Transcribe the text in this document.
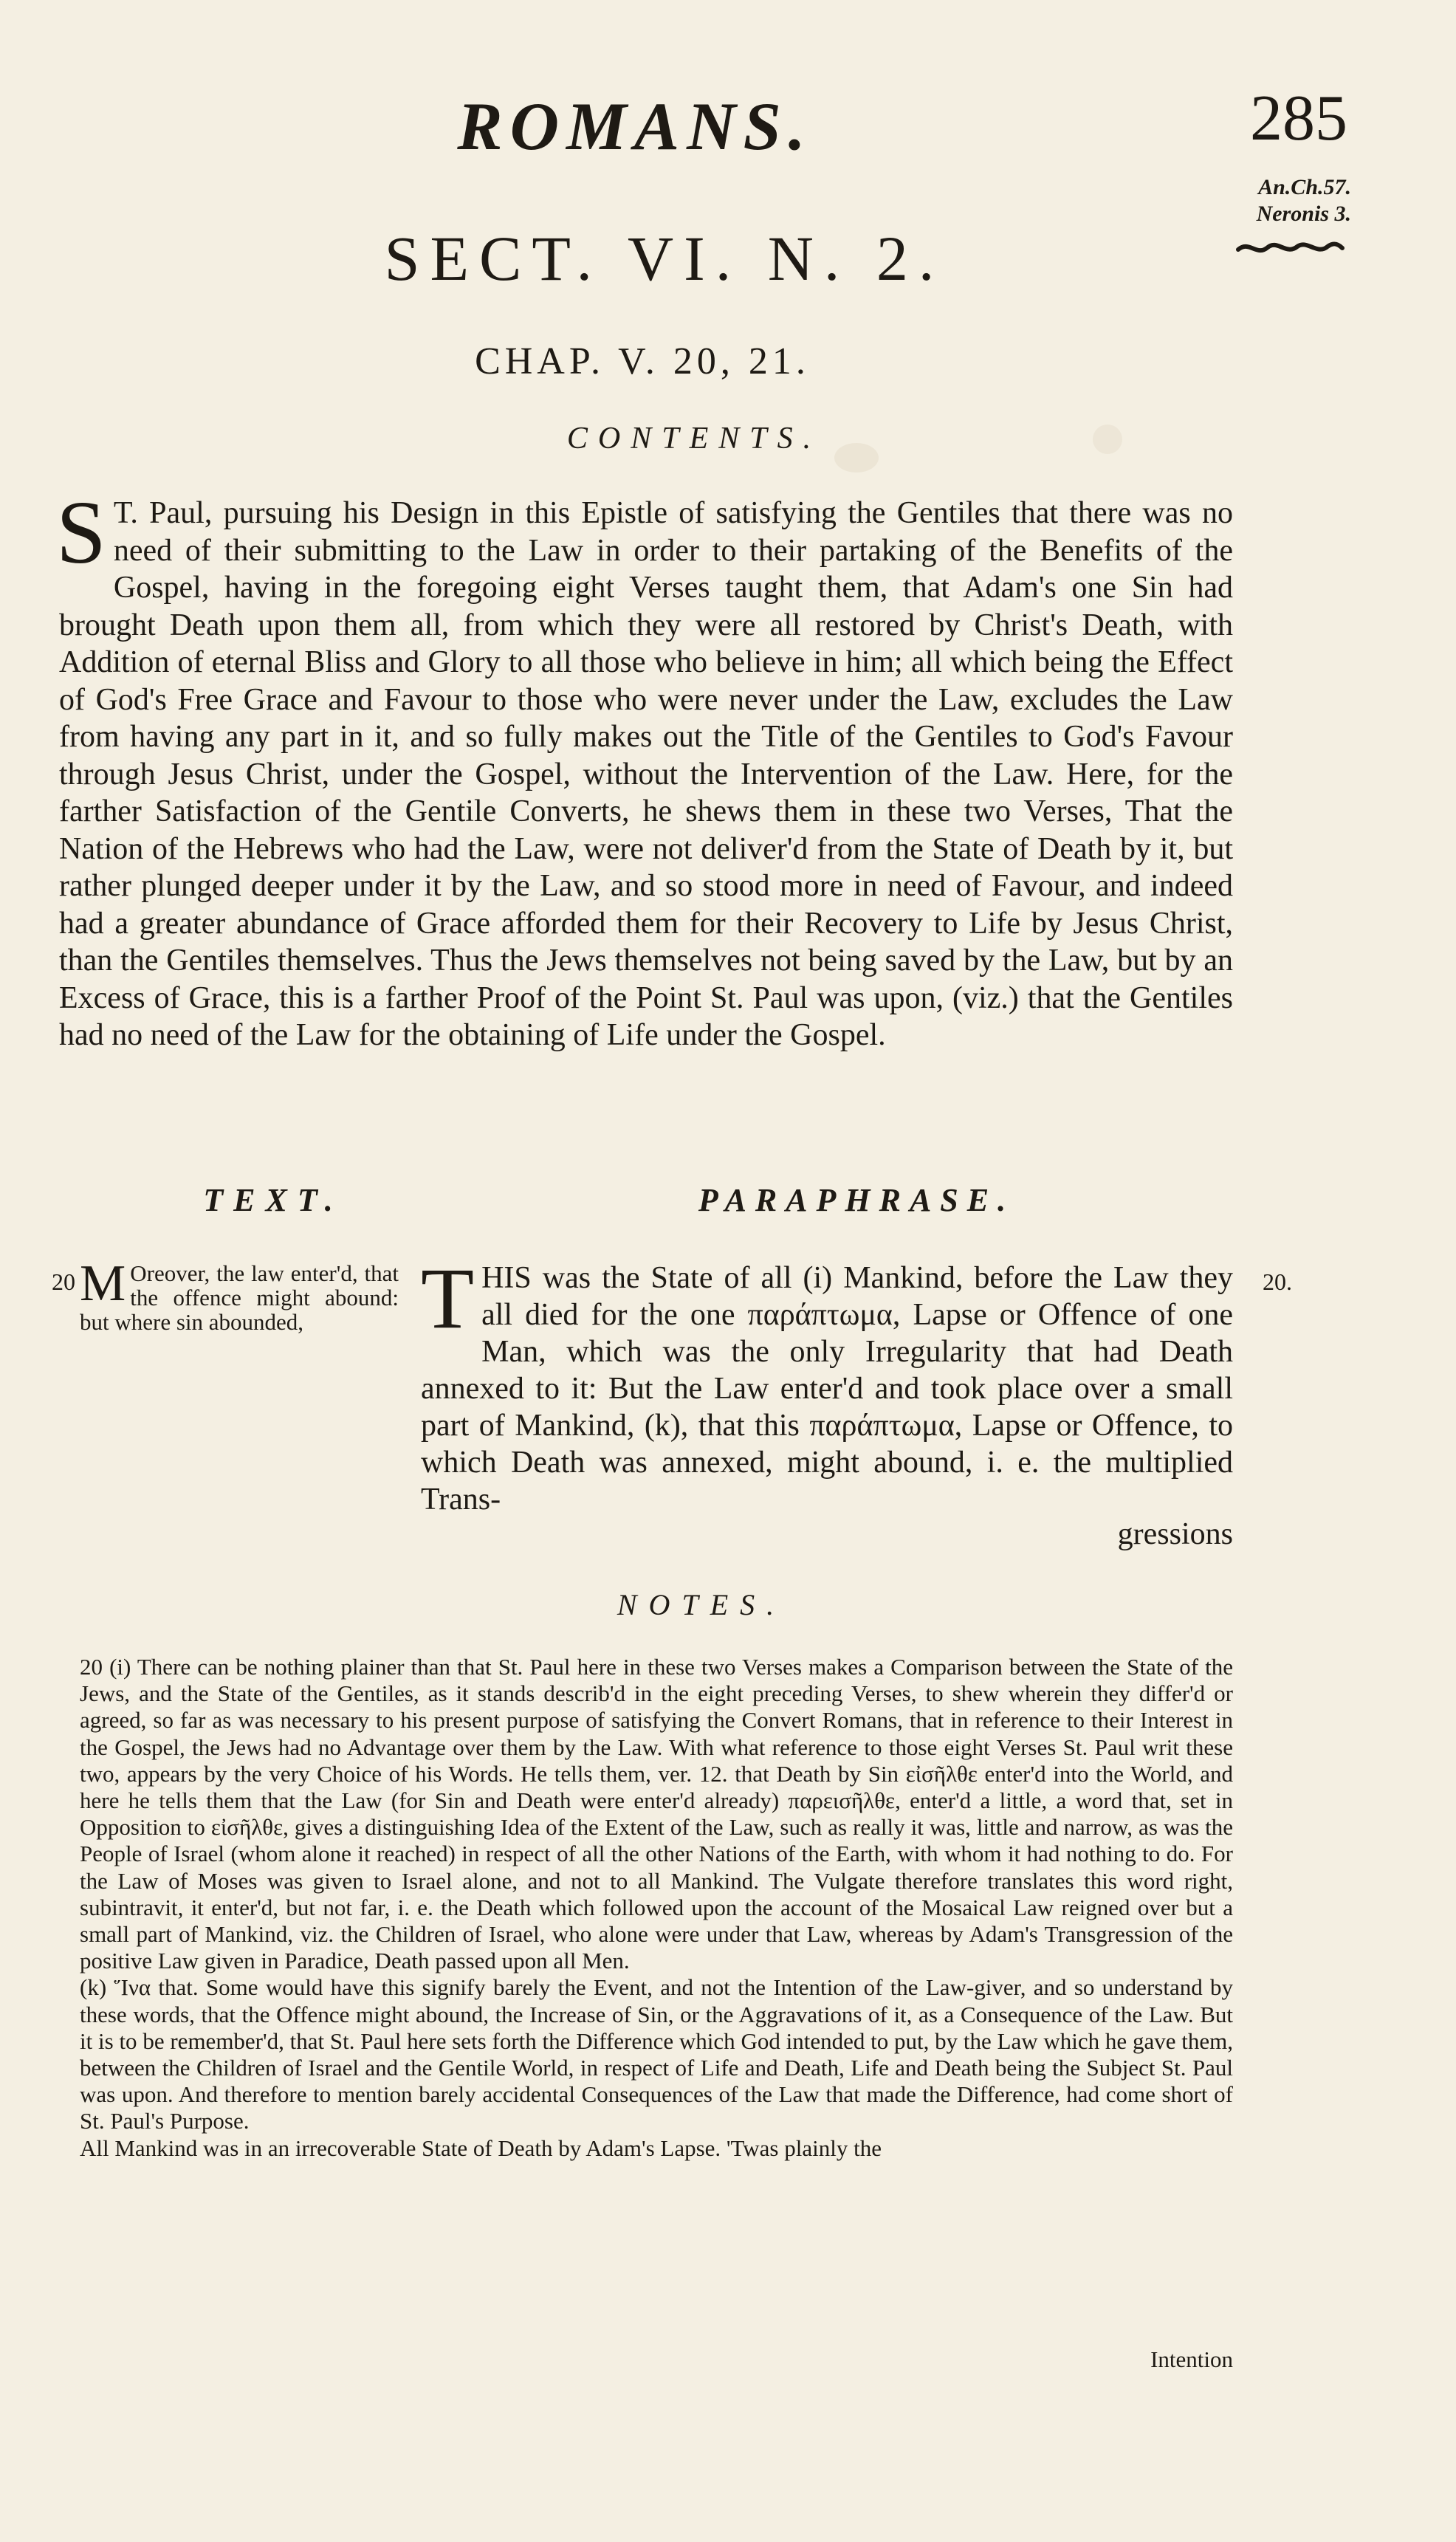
ROMANS.	285
An.Ch.57.
Neronis 3.
SECT. VI. N. 2.
CHAP. V. 20, 21.
CONTENTS.
S T. Paul, pursuing his Design in this Epistle of satisfying the Gentiles that there was no need of their submitting to the Law in order to their partaking of the Benefits of the Gospel, having in the foregoing eight Verses taught them, that Adam's one Sin had brought Death upon them all, from which they were all restored by Christ's Death, with Addition of eternal Bliss and Glory to all those who believe in him; all which being the Effect of God's Free Grace and Favour to those who were never under the Law, excludes the Law from having any part in it, and so fully makes out the Title of the Gentiles to God's Favour through Jesus Christ, under the Gospel, without the Intervention of the Law. Here, for the farther Satisfaction of the Gentile Converts, he shews them in these two Verses, That the Nation of the Hebrews who had the Law, were not deliver'd from the State of Death by it, but rather plunged deeper under it by the Law, and so stood more in need of Favour, and indeed had a greater abundance of Grace afforded them for their Recovery to Life by Jesus Christ, than the Gentiles themselves. Thus the Jews themselves not being saved by the Law, but by an Excess of Grace, this is a farther Proof of the Point St. Paul was upon, (viz.) that the Gentiles had no need of the Law for the obtaining of Life under the Gospel.
TEXT.	PARAPHRASE.
20	20.
M Oreover, the law enter'd, that the offence might abound: but where sin abounded,	THIS was the State of all (i) Mankind, before the Law they all died for the one παράπτωμα, Lapse or Offence of one Man, which was the only Irregularity that had Death annexed to it: But the Law enter'd and took place over a small part of Mankind, (k), that this παράπτωμα, Lapse or Offence, to which Death was annexed, might abound, i. e. the multiplied Trans-
gressions
NOTES.

20 (i) There can be nothing plainer than that St. Paul here in these two Verses makes a Comparison between the State of the Jews, and the State of the Gentiles, as it stands describ'd in the eight preceding Verses, to shew wherein they differ'd or agreed, so far as was necessary to his present purpose of satisfying the Convert Romans, that in reference to their Interest in the Gospel, the Jews had no Advantage over them by the Law. With what reference to those eight Verses St. Paul writ these two, appears by the very Choice of his Words. He tells them, ver. 12. that Death by Sin εἰσῆλθε enter'd into the World, and here he tells them that the Law (for Sin and Death were enter'd already) παρεισῆλθε, enter'd a little, a word that, set in Opposition to εἰσῆλθε, gives a distinguishing Idea of the Extent of the Law, such as really it was, little and narrow, as was the People of Israel (whom alone it reached) in respect of all the other Nations of the Earth, with whom it had nothing to do. For the Law of Moses was given to Israel alone, and not to all Mankind. The Vulgate therefore translates this word right, subintravit, it enter'd, but not far, i. e. the Death which followed upon the account of the Mosaical Law reigned over but a small part of Mankind, viz. the Children of Israel, who alone were under that Law, whereas by Adam's Transgression of the positive Law given in Paradice, Death passed upon all Men.

(k) Ἵνα that. Some would have this signify barely the Event, and not the Intention of the Law-giver, and so understand by these words, that the Offence might abound, the Increase of Sin, or the Aggravations of it, as a Consequence of the Law. But it is to be remember'd, that St. Paul here sets forth the Difference which God intended to put, by the Law which he gave them, between the Children of Israel and the Gentile World, in respect of Life and Death, Life and Death being the Subject St. Paul was upon. And therefore to mention barely accidental Consequences of the Law that made the Difference, had come short of St. Paul's Purpose.

All Mankind was in an irrecoverable State of Death by Adam's Lapse. 'Twas plainly the

Intention
